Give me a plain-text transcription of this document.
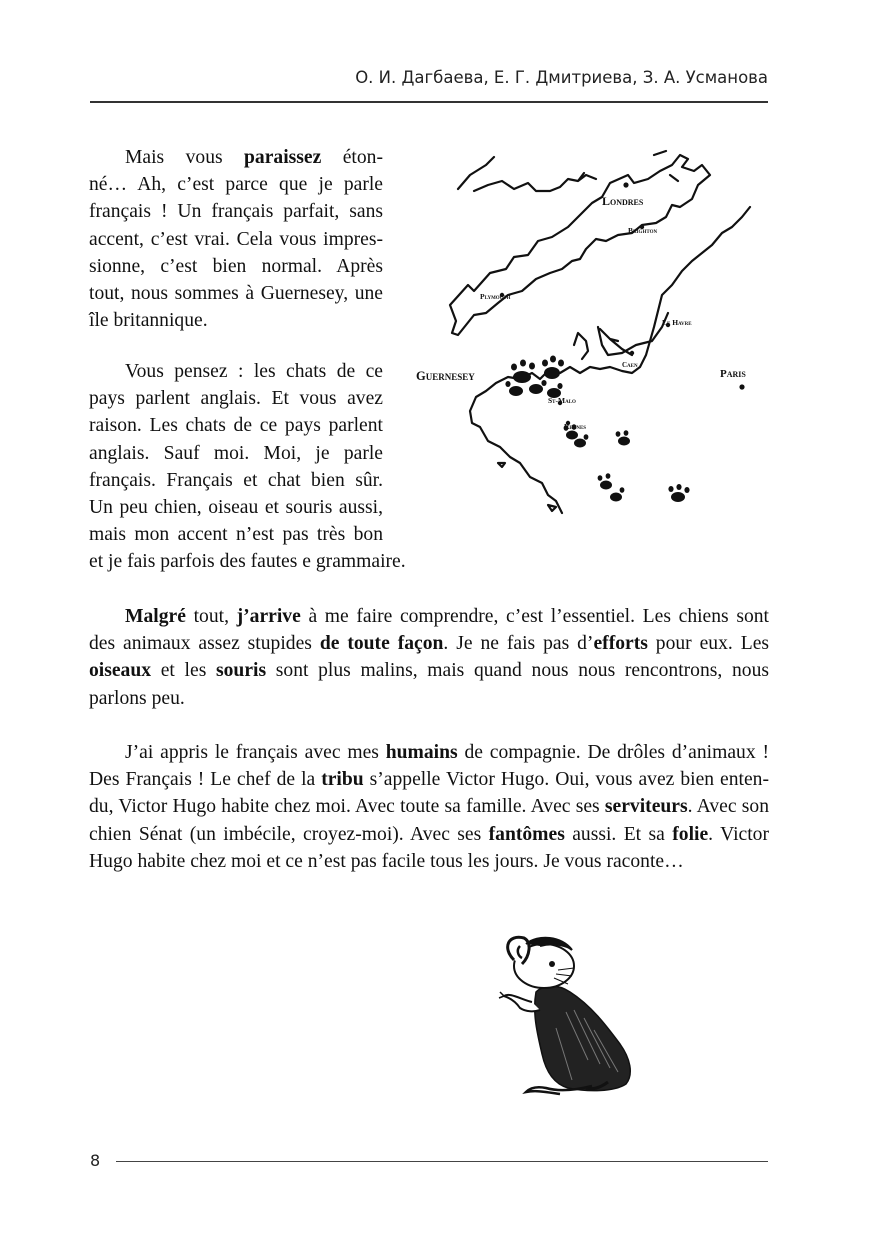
О. И. Дагбаева, Е. Г. Дмитриева, З. А. Усманова
Mais vous paraissez éton-
né… Ah, c’est parce que je parle
français ! Un français parfait, sans
accent, c’est vrai. Cela vous impres-
sionne, c’est bien normal. Après
tout, nous sommes à Guernesey, une
île britannique.
Vous pensez : les chats de ce
pays parlent anglais. Et vous avez
raison. Les chats de ce pays parlent
anglais. Sauf moi. Moi, je parle
français. Français et chat bien sûr.
Un peu chien, oiseau et souris aussi,
mais mon accent n’est pas très bon
et je fais parfois des fautes e grammaire.
Londres
Brighton
Plymouth
Le Havre
Caen
Guernesey	Paris
St-Malo
Rennes
Malgré tout, j’arrive à me faire comprendre, c’est l’essentiel. Les chiens sont des animaux assez stupides de toute façon. Je ne fais pas d’efforts pour eux. Les oiseaux et les souris sont plus malins, mais quand nous nous rencontrons, nous parlons peu.
J’ai appris le français avec mes humains de compagnie. De drôles d’animaux ! Des Français ! Le chef de la tribu s’appelle Victor Hugo. Oui, vous avez bien enten-du, Victor Hugo habite chez moi. Avec toute sa famille. Avec ses serviteurs. Avec son chien Sénat (un imbécile, croyez-moi). Avec ses fantômes aussi. Et sa folie. Victor Hugo habite chez moi et ce n’est pas facile tous les jours. Je vous raconte…
8
